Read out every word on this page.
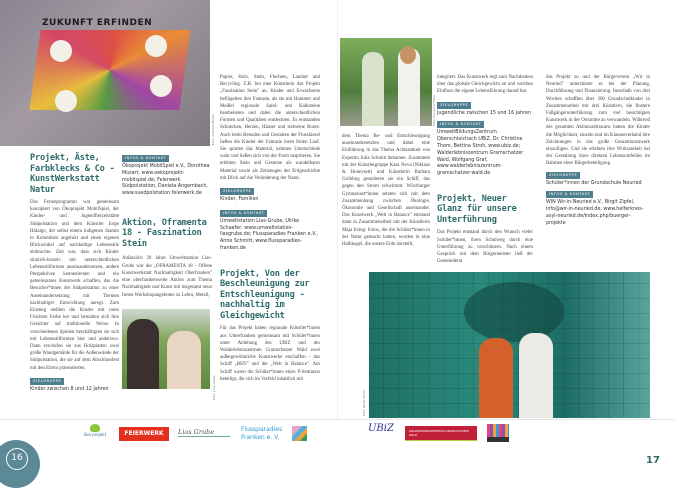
ZUKUNFT ERFINDEN
Foto: Andreas Müller
Projekt, Äste, Farbklecks & Co - KunstWerkstatt Natur
Das Ferienprogramm war gemeinsam konzipiert von Ökoprojekt MobilSpiel, der Kinder- und Jugendfreizeitstätte Südpolstation und dem Künstler Jorge Hidalgo, der selbst einem indigenen Stamm in Kolumbien angehört und einen eigenen Blickwinkel auf nachhaltige Lebensstile einbrachte. Ziel war, dass sich Kinder sinnlich-kreativ mit unterschiedlichen Lebensstilformen auseinandersetzen, andere Perspektiven kennenlernen und ein gemeinsames Kunstwerk schaffen, das die Besucher*innen der Südpolstation zu einer Auseinandersetzung mit Themen nachhaltiger Entwicklung anregt. Zum Einstieg stellten die Kinder mit roten Früchten Farbe her und bemalten sich ihre Gesichter auf traditionelle Weise. In verschiedenen Spielen beschäftigten sie sich mit Lebensstilformen hier und anderswo. Dann erschufen sie aus Holzplatten zwei große Wandgemälde für die Außenwände der Südpolstation, die sie auf dem Abschlussfest mit den Eltern präsentierten.
ZIELGRUPPE
Kinder zwischen 8 und 12 Jahren
INFOS & KONTAKT
Ökoprojekt MobilSpiel e.V., Dorothea Mozart, www.oekoprojekt-mobilspiel.de; Feierwerk Südpolstation, Daniela Angembach, www.suedpolstation.feierwerk.de
Aktion, Oframenta 18 - Faszination Stein
Anlässlich 20 Jahre Umweltstation Lias-Grube war die „OFRAMENTA 18 - Offene Kunstwerkstatt Nachhaltigkeit Oberfranken" eine oberfrankenweite Aktion zum Thema Nachhaltigkeit und Kunst mit insgesamt neun freien Workshopangeboten zu Lehm, Metall,
Foto: Lias-Grube
Papier, Holz, Stein, Flechten, Landart und Recycling. Z.B. bot eine Künstlerin das Projekt „Faszination Stein" an. Kinder und Erwachsene beflügelten ihre Fantasie, als sie mit Hammer und Meißel regionale Sand- und Kalksteine bearbeiteten und dabei die unterschiedlichen Formen und Qualitäten entdeckten. Es entstanden Schnecken, Herzen, Häuser und steinerne Boote. Auch beim Bemalen und Gestalten der Flusskiesel ließen die Kinder der Fantasie ihren freien Lauf. Sie spürten das Material, nahmen Unterschiede wahr und ließen sich von der Form inspirieren. Sie erlebten Stein und Gesteine als wandelbares Material sowie als Zeitzeugen der Erdgeschichte mit Blick auf die Veränderung der Natur.
ZIELGRUPPE
Kinder, Familien
INFOS & KONTAKT
Umweltstation Lias-Grube, Ulrike Schaefer, www.umweltstation-liasgrube.de; Flussparadies Franken e.V., Anne Schmitt, www.flussparadies-franken.de
Projekt, Von der Beschleunigung zur Entschleunigung - nachhaltig im Gleichgewicht
Für das Projekt haben regionale Künstler*innen aus Unterfranken gemeinsam mit Schüler*innen unter Anleitung des UBiZ und des Walderlebniszentrum Gramschatzer Wald zwei außergewöhnliche Kunstwerke erschaffen - das Schiff „BEN" und die „Welt in Balance". Am Schiff waren die Schüler*innen eines P-Seminars beteiligt, die sich im Vorfeld inhaltlich mit
öko projekt	FEIERWERK	Lias Grube	Flussparadies Franken e. V.
16
Foto: Christine Thom
dem Thema Be- und Entschleunigung auseinandersetzten und dabei eine Einführung in das Thema Achtsamkeit von Expertin Julia Schmitt bekamen. Zusammen mit der Künstlergruppe Kasa Nova (Niklaus & Honeysett) und Künstlerin Barbara Gröbling gestalteten sie ein Schiff, das gegen den Strom schwimmt. Würzburger Gymnasiast*innen setzten sich mit dem Zusammenhang zwischen Ökologie, Ökonomie und Gesellschaft auseinander. Das Kunstwerk „Welt in Balance" entstand dann in Zusammenarbeit mit der Künstlerin Maja Irsing: Fotos, die die Schüler*innen in der Natur gemacht hatten, wurden in eine Halbkugel, die unsere Erde darstellt,
integriert. Das Kunstwerk regt zum Nachdenken über das globale Gleichgewicht an und welchen Einfluss die eigene Lebensführung darauf hat.
ZIELGRUPPE
Jugendliche zwischen 15 und 16 Jahren
INFOS & KONTAKT
UmweltBildungsZentrum Oberschleichach UBiZ, Dr. Christine Thom, Bettina Stroh, www.ubiz.de; Walderlebniszentrum Gramschatzer Wald, Wolfgang Graf, www.walderlebniszentrum-gramschatzer-wald.de
Projekt, Neuer Glanz für unsere Unterführung
Das Projekt entstand durch den Wunsch vieler Schüler*innen, ihren Schulweg durch eine Unterführung zu verschönern. Nach einem Gespräch mit dem Bürgermeister ließ der Gemeinderat
das Projekt zu und der Bürgerverein „Wir in Neuried" unterstützte es bei der Planung, Durchführung und Finanzierung. Innerhalb von drei Wochen schafften über 300 Grundschulkinder in Zusammenarbeit mit drei Künstlern, die finstere Fußgängerunterführung zum viel besichtigten Kunstwerk in der Ortsmitte zu verwandeln. Während des gesamten Aktionszeitraums hatten die Kinder die Möglichkeit, einzeln und im Klassenverband ihre Zeichnungen in das große Gesamtkunstwerk einzufügen. Und sie erlebten ihre Wirksamkeit bei der Gestaltung ihres direkten Lebensumfeldes im Rahmen einer Bürgerbeteiligung.
ZIELGRUPPE
Schüler*innen der Grundschule Neuried
INFOS & KONTAKT
WIN Wir-in-Neuried e.V., Birgit Zipfel, info@wir-in-neuried.de, www.helferkreis-asyl-neuried.de/index.php/buerger-projekte
Foto: Birgit Zipfel
UBiZ	WALDERLEBNISZENTRUM GRAMSCHATZER WALD
17
